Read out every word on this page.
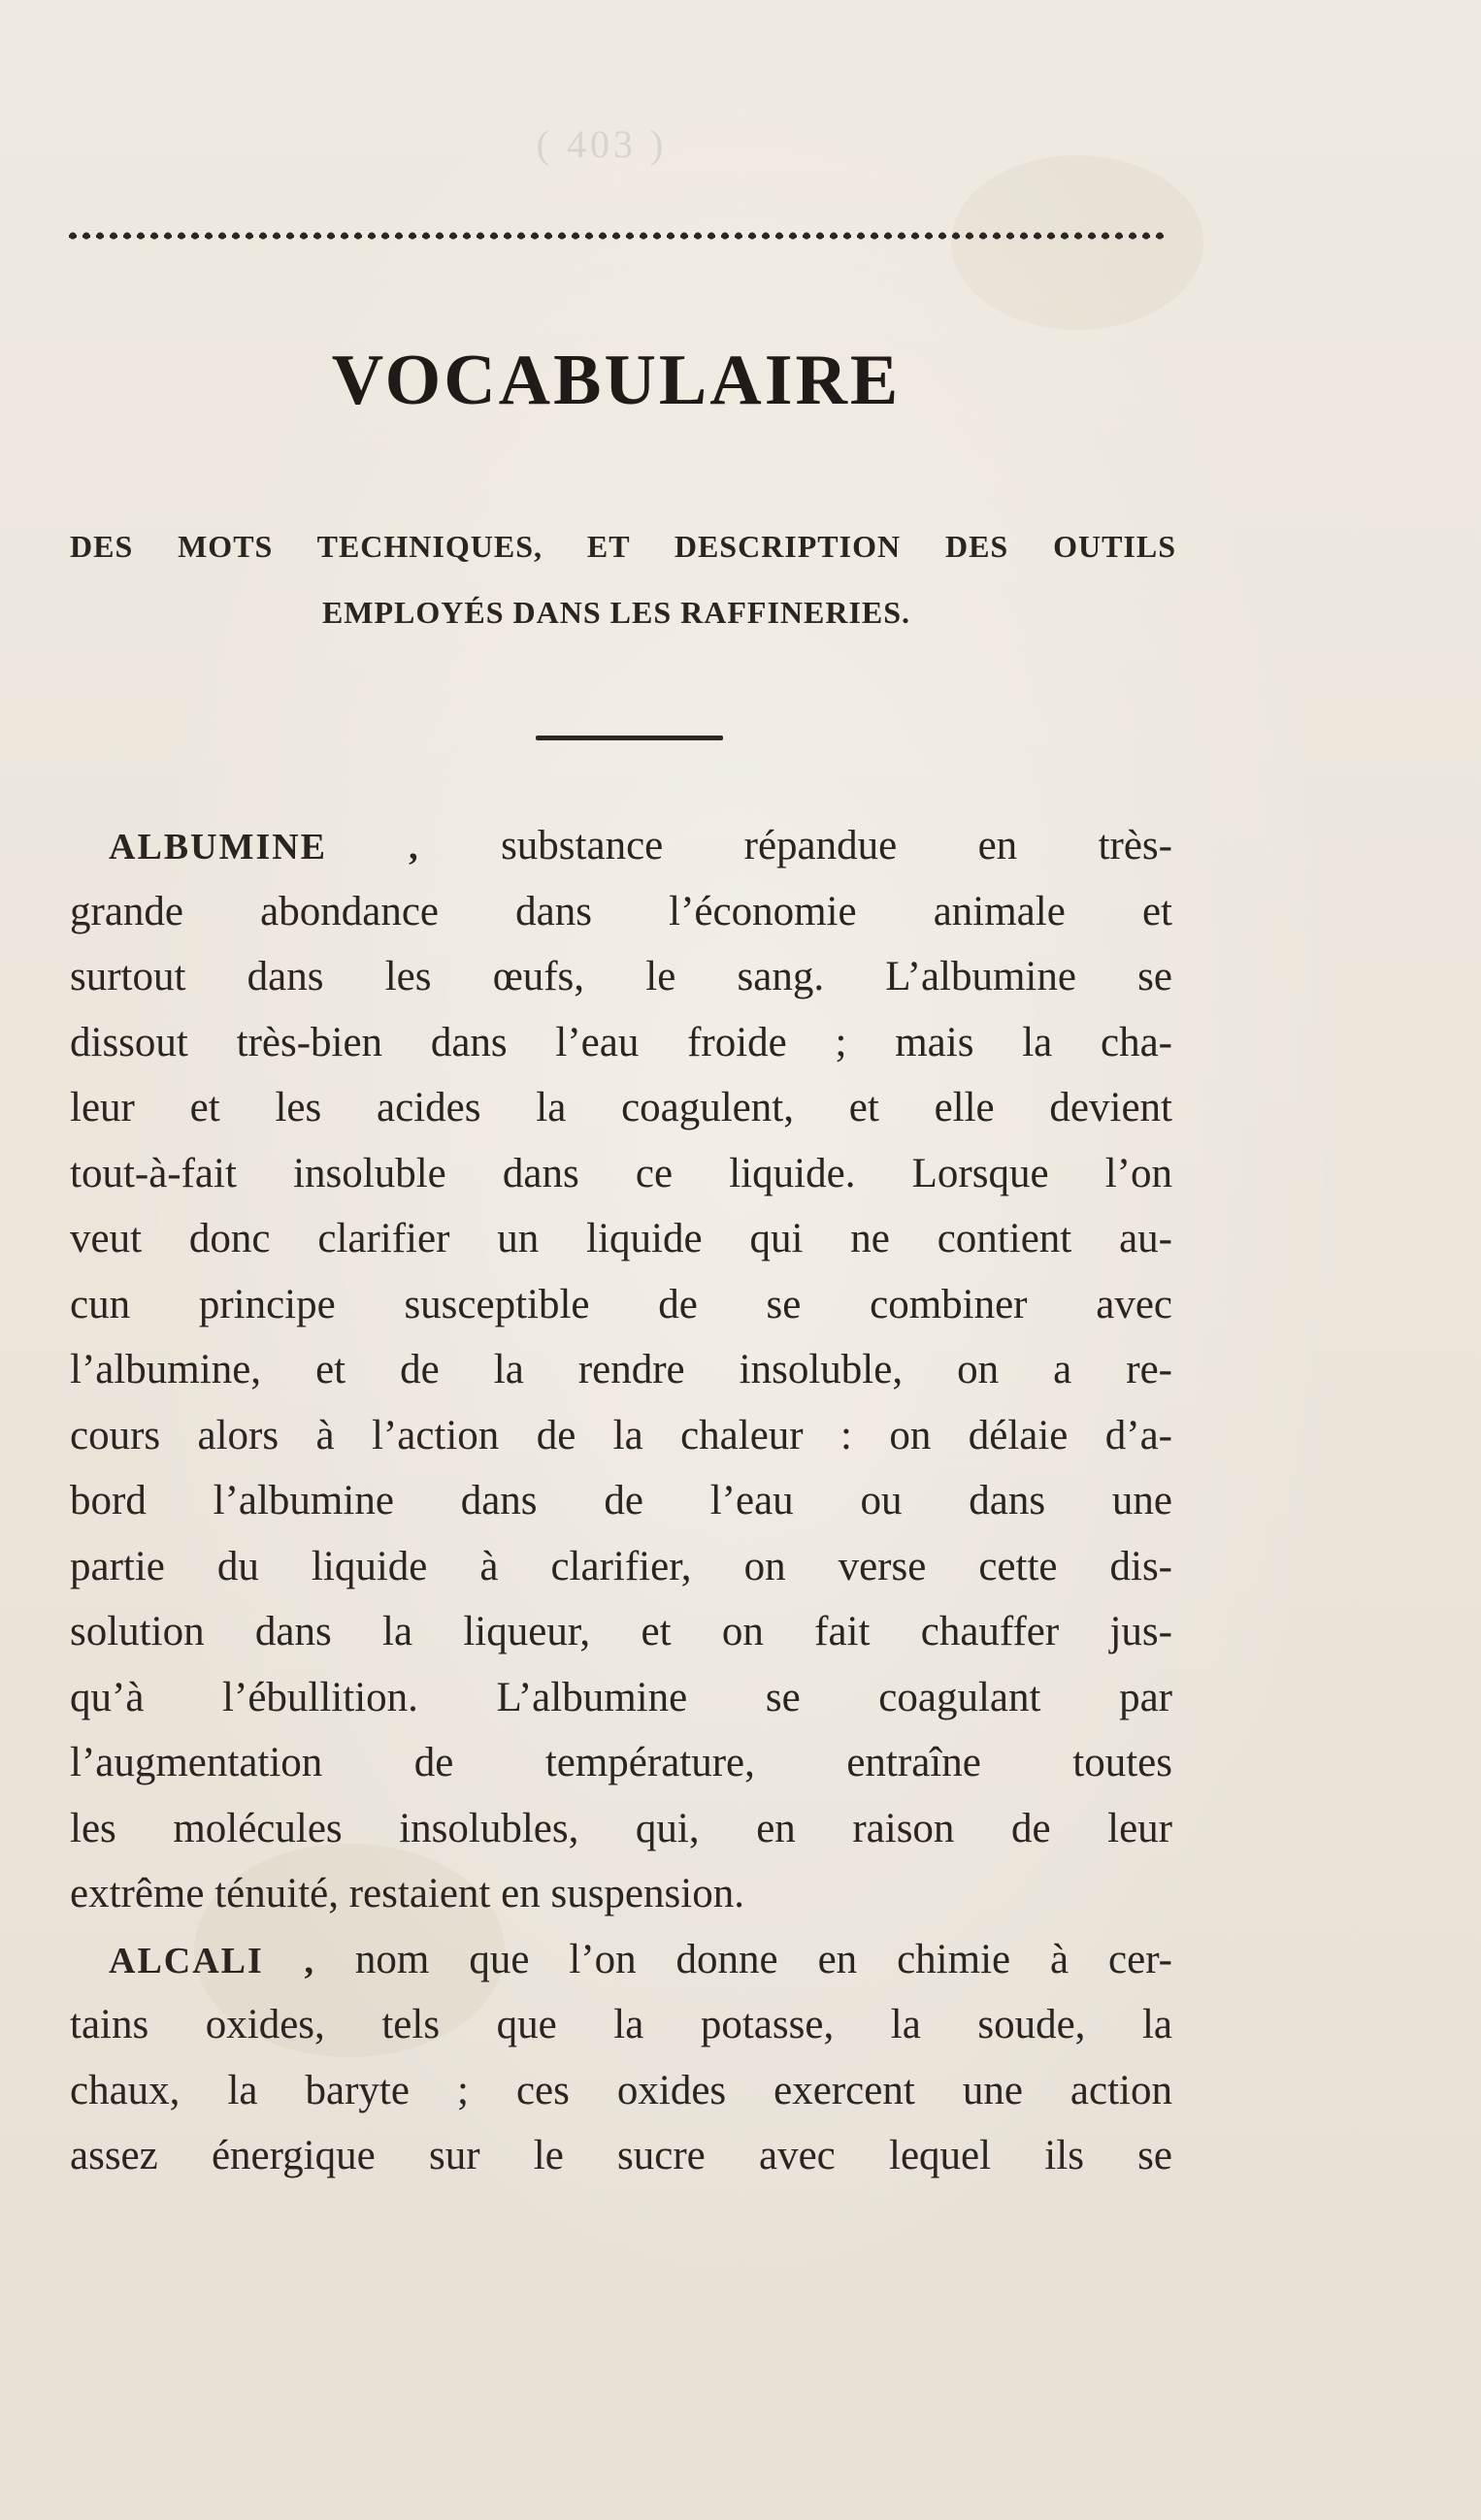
( 403 )
VOCABULAIRE
DES MOTS TECHNIQUES, ET DESCRIPTION DES OUTILS
EMPLOYÉS DANS LES RAFFINERIES.
ALBUMINE , substance répandue en très-
grande abondance dans l’économie animale et
surtout dans les œufs, le sang. L’albumine se
dissout très-bien dans l’eau froide ; mais la cha-
leur et les acides la coagulent, et elle devient
tout-à-fait insoluble dans ce liquide. Lorsque l’on
veut donc clarifier un liquide qui ne contient au-
cun principe susceptible de se combiner avec
l’albumine, et de la rendre insoluble, on a re-
cours alors à l’action de la chaleur : on délaie d’a-
bord l’albumine dans de l’eau ou dans une
partie du liquide à clarifier, on verse cette dis-
solution dans la liqueur, et on fait chauffer jus-
qu’à l’ébullition. L’albumine se coagulant par
l’augmentation de température, entraîne toutes
les molécules insolubles, qui, en raison de leur
extrême ténuité, restaient en suspension.
ALCALI , nom que l’on donne en chimie à cer-
tains oxides, tels que la potasse, la soude, la
chaux, la baryte ; ces oxides exercent une action
assez énergique sur le sucre avec lequel ils se
